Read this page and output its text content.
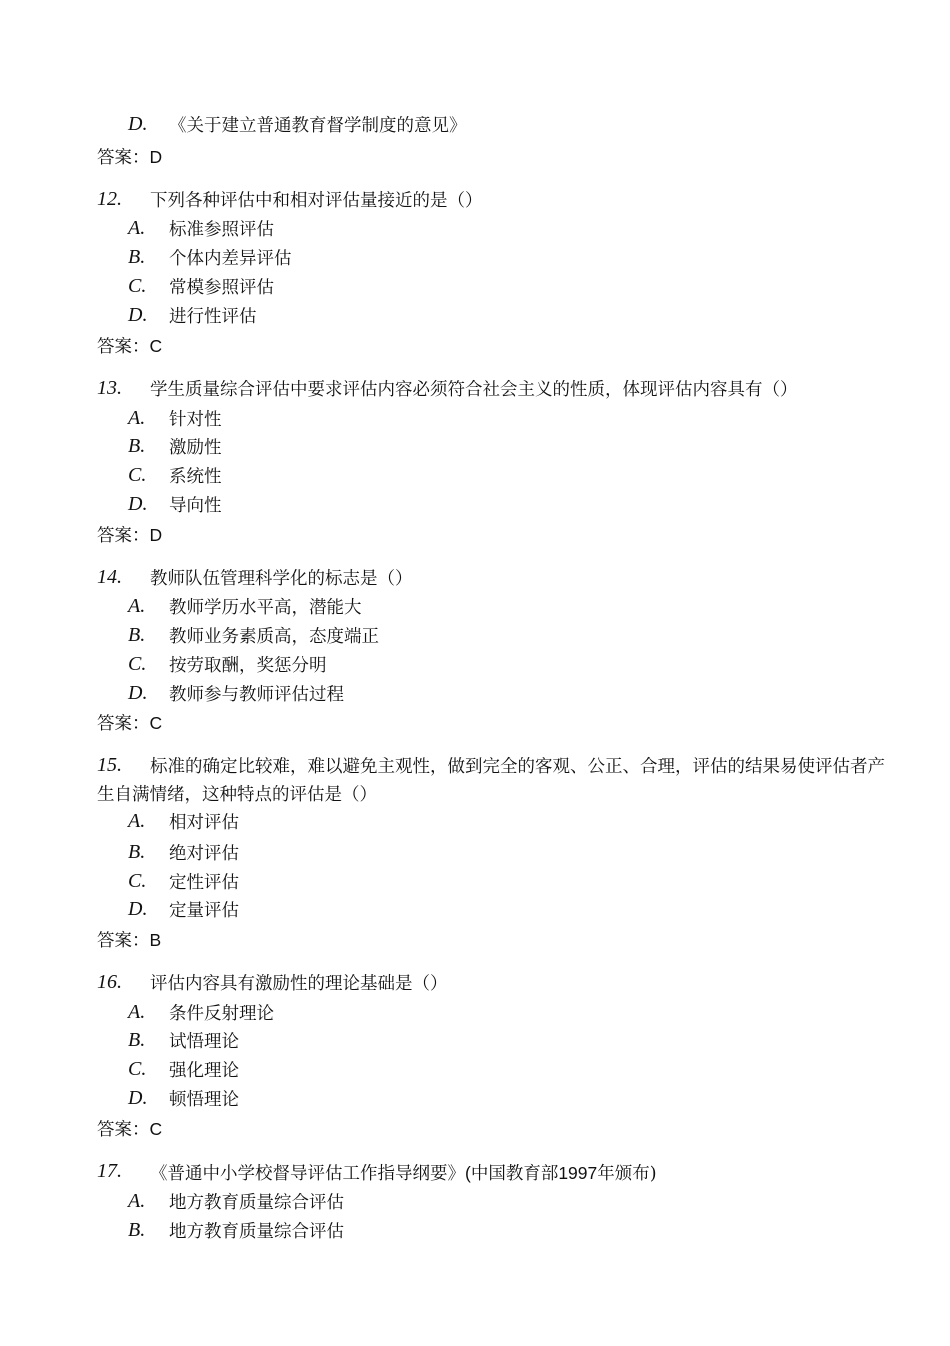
D. 《关于建立普通教育督学制度的意见》
答案：D
12. 下列各种评估中和相对评估量接近的是（）
A. 标准参照评估
B. 个体内差异评估
C. 常模参照评估
D. 进行性评估
答案：C
13. 学生质量综合评估中要求评估内容必须符合社会主义的性质，体现评估内容具有（）
A. 针对性
B. 激励性
C. 系统性
D. 导向性
答案：D
14. 教师队伍管理科学化的标志是（）
A. 教师学历水平高，潜能大
B. 教师业务素质高，态度端正
C. 按劳取酬，奖惩分明
D. 教师参与教师评估过程
答案：C
15.	标准的确定比较难，难以避免主观性，做到完全的客观、公正、合理，评估的结果易使评估者产生自满情绪，这种特点的评估是（）
A. 相对评估
B. 绝对评估
C. 定性评估
D. 定量评估
答案：B
16. 评估内容具有激励性的理论基础是（）
A. 条件反射理论
B. 试悟理论
C. 强化理论
D. 顿悟理论
答案：C
17. 《普通中小学校督导评估工作指导纲要》(中国教育部1997年颁布)
A. 地方教育质量综合评估
B. 地方教育质量综合评估
